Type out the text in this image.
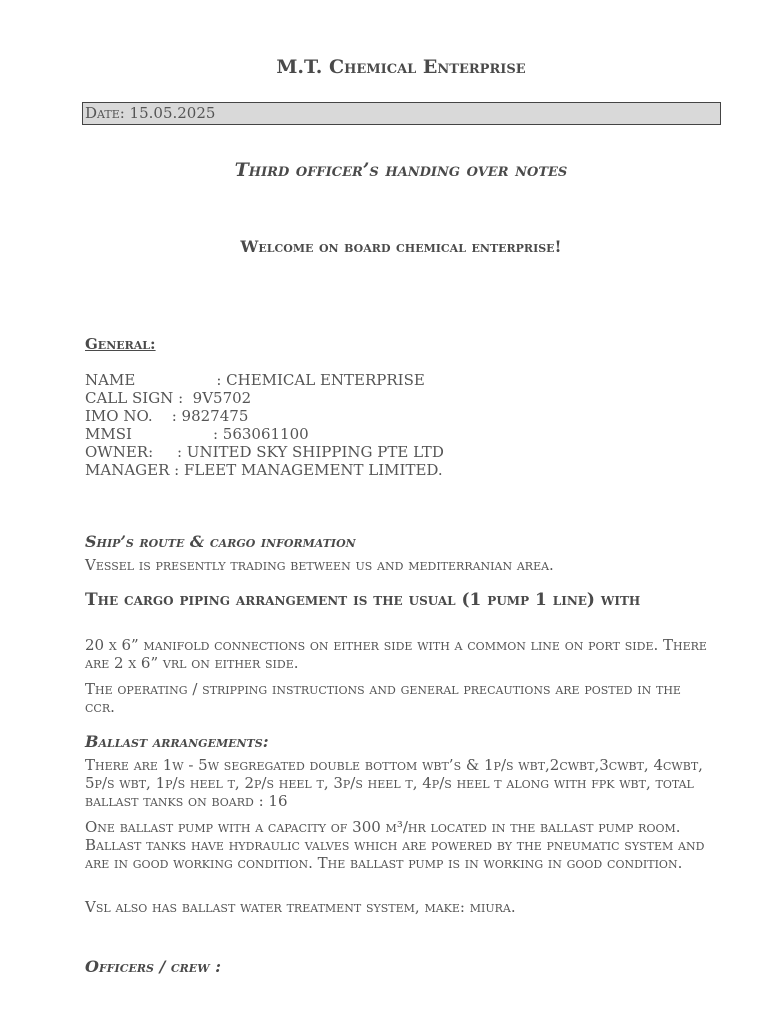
M.T. Chemical Enterprise
Date: 15.05.2025
Third officer’s handing over notes
Welcome on board chemical enterprise!
General:

NAME                 : CHEMICAL ENTERPRISE

CALL SIGN :  9V5702

IMO NO.    : 9827475

MMSI                 : 563061100

OWNER:     : UNITED SKY SHIPPING PTE LTD

MANAGER : FLEET MANAGEMENT LIMITED.

Ship’s route & cargo information

Vessel is presently trading between us and mediterranian area.

The cargo piping arrangement is the usual (1 pump 1 line) with

20 x 6” manifold connections on either side with a common line on port side. There are 2 x 6” vrl on either side.

The operating / stripping instructions and general precautions are posted in the ccr.

Ballast arrangements:

There are 1w - 5w segregated double bottom wbt’s & 1p/s wbt,2cwbt,3cwbt, 4cwbt, 5p/s wbt, 1p/s heel t, 2p/s heel t, 3p/s heel t, 4p/s heel t along with fpk wbt, total ballast tanks on board : 16

One ballast pump with a capacity of 300 m³/hr located in the ballast pump room. Ballast tanks have hydraulic valves which are powered by the pneumatic system and are in good working condition. The ballast pump is in working in good condition.

Vsl also has ballast water treatment system, make: miura.

Officers / crew :
